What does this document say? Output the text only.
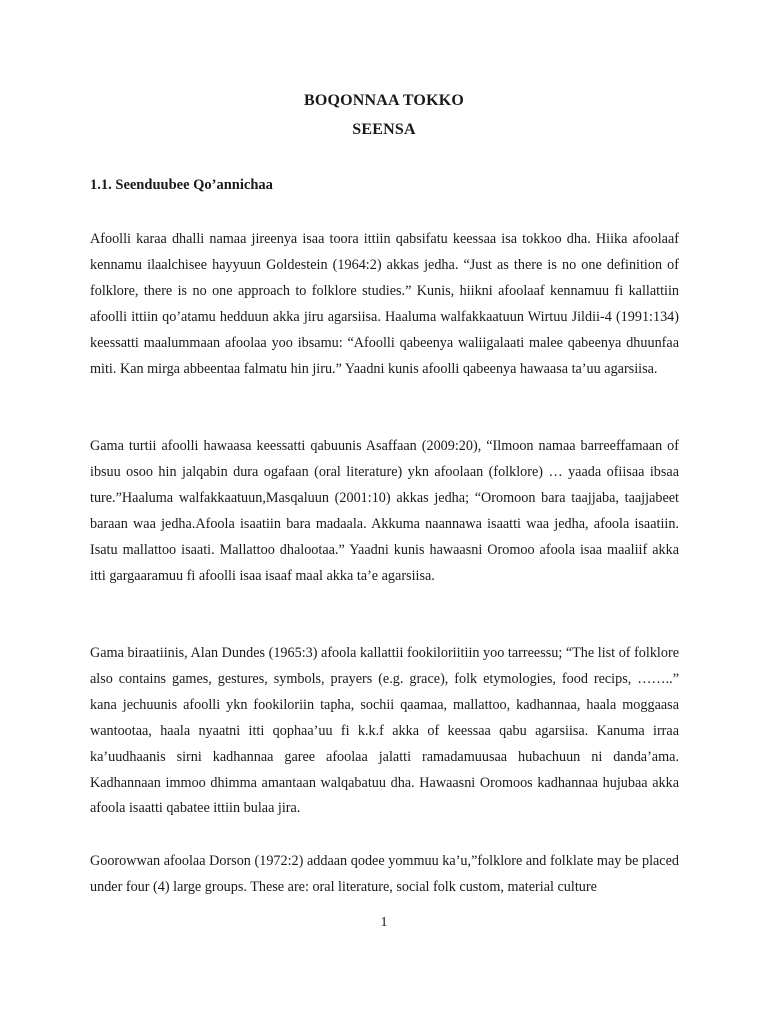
BOQONNAA TOKKO
SEENSA
1.1. Seenduubee Qo’annichaa

Afoolli karaa dhalli namaa jireenya isaa toora ittiin qabsifatu keessaa isa tokkoo dha. Hiika afoolaaf kennamu ilaalchisee hayyuun Goldestein (1964:2) akkas jedha. “Just as there is no one definition of folklore, there is no one approach to folklore studies.” Kunis, hiikni afoolaaf kennamuu fi kallattiin afoolli ittiin qo’atamu hedduun akka jiru agarsiisa. Haaluma walfakkaatuun Wirtuu Jildii-4 (1991:134) keessatti maalummaan afoolaa yoo ibsamu: “Afoolli qabeenya waliigalaati malee qabeenya dhuunfaa miti. Kan mirga abbeentaa falmatu hin jiru.” Yaadni kunis afoolli qabeenya hawaasa ta’uu agarsiisa.

Gama turtii afoolli hawaasa keessatti qabuunis Asaffaan (2009:20), “Ilmoon namaa barreeffamaan of ibsuu osoo hin jalqabin dura ogafaan (oral literature) ykn afoolaan (folklore) … yaada ofiisaa ibsaa ture.”Haaluma walfakkaatuun,Masqaluun (2001:10) akkas jedha; “Oromoon bara taajjaba, taajjabeet baraan waa jedha.Afoola isaatiin bara madaala. Akkuma naannawa isaatti waa jedha, afoola isaatiin. Isatu mallattoo isaati. Mallattoo dhalootaa.” Yaadni kunis hawaasni Oromoo afoola isaa maaliif akka itti gargaaramuu fi afoolli isaa isaaf maal akka ta’e agarsiisa.

Gama biraatiinis, Alan Dundes (1965:3) afoola kallattii fookiloriitiin yoo tarreessu; “The list of folklore also contains games, gestures, symbols, prayers (e.g. grace), folk etymologies, food recips, ……..” kana jechuunis afoolli ykn fookiloriin tapha, sochii qaamaa, mallattoo, kadhannaa, haala moggaasa wantootaa, haala nyaatni itti qophaa’uu fi k.k.f akka of keessaa qabu agarsiisa. Kanuma irraa ka’uudhaanis sirni kadhannaa garee afoolaa jalatti ramadamuusaa hubachuun ni danda’ama. Kadhannaan immoo dhimma amantaan walqabatuu dha. Hawaasni Oromoos kadhannaa hujubaa akka afoola isaatti qabatee ittiin bulaa jira.

Goorowwan afoolaa Dorson (1972:2) addaan qodee yommuu ka’u,”folklore and folklate may be placed under four (4) large groups. These are: oral literature, social folk custom, material culture

1
